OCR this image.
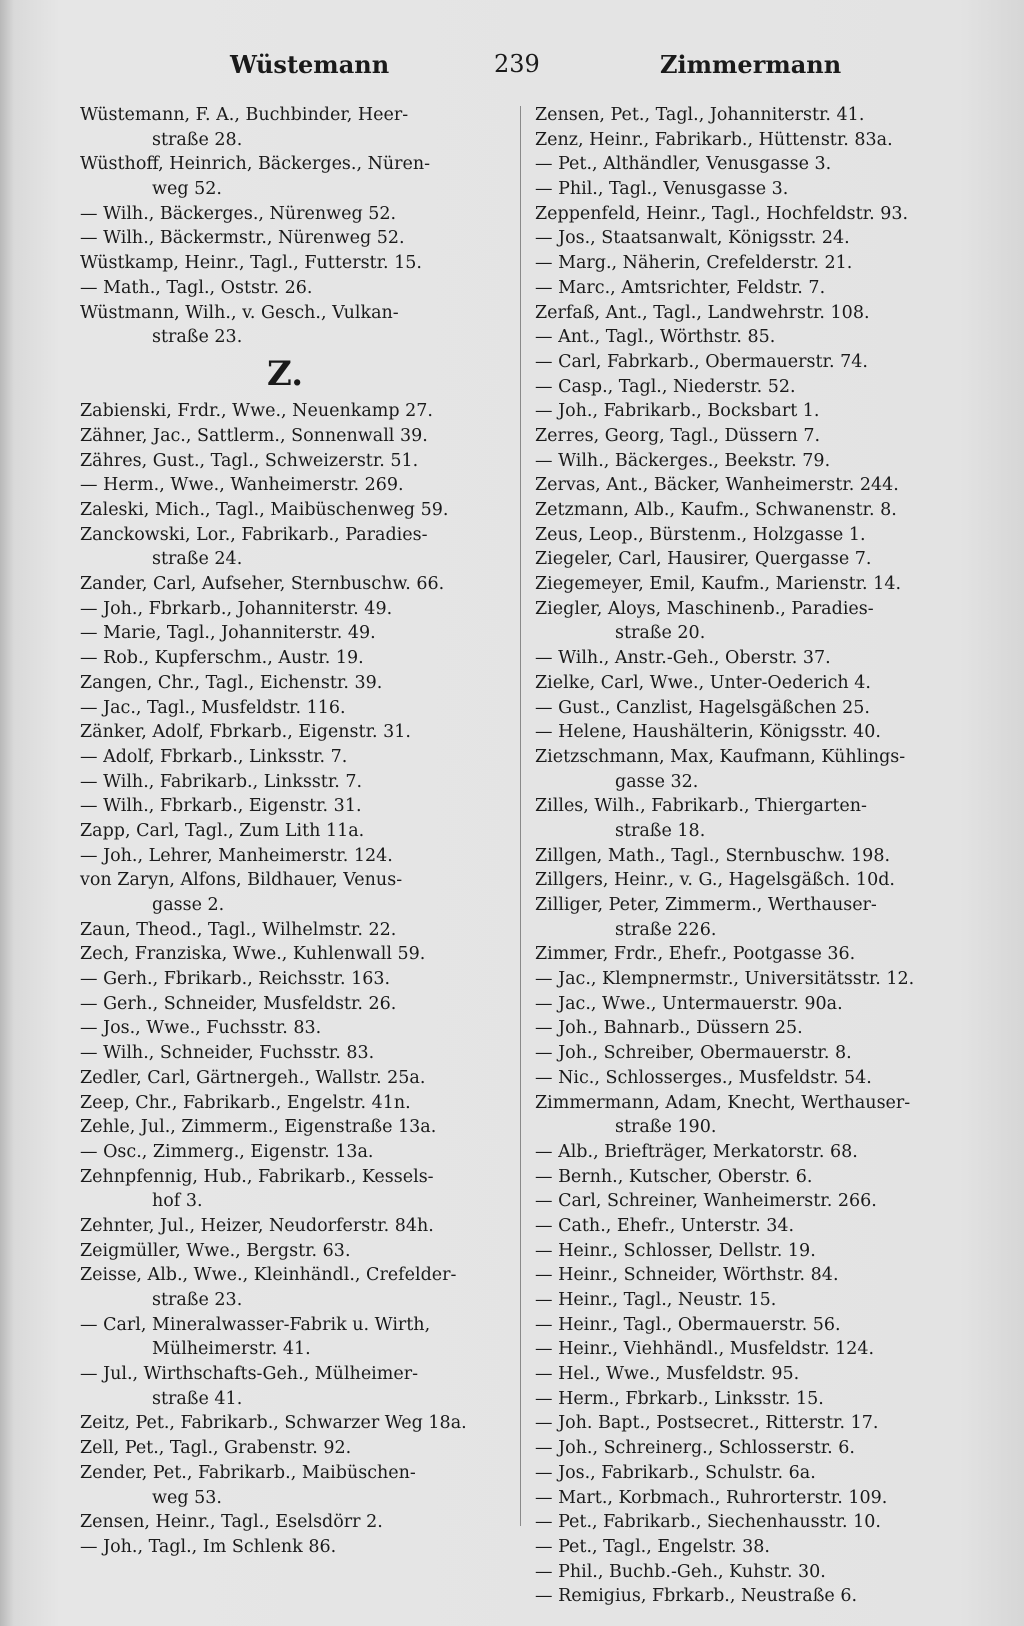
Wüstemann	239	Zimmermann
Wüstemann, F. A., Buchbinder, Heer-
straße 28.
Wüsthoff, Heinrich, Bäckerges., Nüren-
weg 52.
— Wilh., Bäckerges., Nürenweg 52.
— Wilh., Bäckermstr., Nürenweg 52.
Wüstkamp, Heinr., Tagl., Futterstr. 15.
— Math., Tagl., Oststr. 26.
Wüstmann, Wilh., v. Gesch., Vulkan-
straße 23.
Z.
Zabienski, Frdr., Wwe., Neuenkamp 27.
Zähner, Jac., Sattlerm., Sonnenwall 39.
Zähres, Gust., Tagl., Schweizerstr. 51.
— Herm., Wwe., Wanheimerstr. 269.
Zaleski, Mich., Tagl., Maibüschenweg 59.
Zanckowski, Lor., Fabrikarb., Paradies-
straße 24.
Zander, Carl, Aufseher, Sternbuschw. 66.
— Joh., Fbrkarb., Johanniterstr. 49.
— Marie, Tagl., Johanniterstr. 49.
— Rob., Kupferschm., Austr. 19.
Zangen, Chr., Tagl., Eichenstr. 39.
— Jac., Tagl., Musfeldstr. 116.
Zänker, Adolf, Fbrkarb., Eigenstr. 31.
— Adolf, Fbrkarb., Linksstr. 7.
— Wilh., Fabrikarb., Linksstr. 7.
— Wilh., Fbrkarb., Eigenstr. 31.
Zapp, Carl, Tagl., Zum Lith 11a.
— Joh., Lehrer, Manheimerstr. 124.
von Zaryn, Alfons, Bildhauer, Venus-
gasse 2.
Zaun, Theod., Tagl., Wilhelmstr. 22.
Zech, Franziska, Wwe., Kuhlenwall 59.
— Gerh., Fbrikarb., Reichsstr. 163.
— Gerh., Schneider, Musfeldstr. 26.
— Jos., Wwe., Fuchsstr. 83.
— Wilh., Schneider, Fuchsstr. 83.
Zedler, Carl, Gärtnergeh., Wallstr. 25a.
Zeep, Chr., Fabrikarb., Engelstr. 41n.
Zehle, Jul., Zimmerm., Eigenstraße 13a.
— Osc., Zimmerg., Eigenstr. 13a.
Zehnpfennig, Hub., Fabrikarb., Kessels-
hof 3.
Zehnter, Jul., Heizer, Neudorferstr. 84h.
Zeigmüller, Wwe., Bergstr. 63.
Zeisse, Alb., Wwe., Kleinhändl., Crefelder-
straße 23.
— Carl, Mineralwasser-Fabrik u. Wirth,
Mülheimerstr. 41.
— Jul., Wirthschafts-Geh., Mülheimer-
straße 41.
Zeitz, Pet., Fabrikarb., Schwarzer Weg 18a.
Zell, Pet., Tagl., Grabenstr. 92.
Zender, Pet., Fabrikarb., Maibüschen-
weg 53.
Zensen, Heinr., Tagl., Eselsdörr 2.
— Joh., Tagl., Im Schlenk 86.
Zensen, Pet., Tagl., Johanniterstr. 41.
Zenz, Heinr., Fabrikarb., Hüttenstr. 83a.
— Pet., Althändler, Venusgasse 3.
— Phil., Tagl., Venusgasse 3.
Zeppenfeld, Heinr., Tagl., Hochfeldstr. 93.
— Jos., Staatsanwalt, Königsstr. 24.
— Marg., Näherin, Crefelderstr. 21.
— Marc., Amtsrichter, Feldstr. 7.
Zerfaß, Ant., Tagl., Landwehrstr. 108.
— Ant., Tagl., Wörthstr. 85.
— Carl, Fabrkarb., Obermauerstr. 74.
— Casp., Tagl., Niederstr. 52.
— Joh., Fabrikarb., Bocksbart 1.
Zerres, Georg, Tagl., Düssern 7.
— Wilh., Bäckerges., Beekstr. 79.
Zervas, Ant., Bäcker, Wanheimerstr. 244.
Zetzmann, Alb., Kaufm., Schwanenstr. 8.
Zeus, Leop., Bürstenm., Holzgasse 1.
Ziegeler, Carl, Hausirer, Quergasse 7.
Ziegemeyer, Emil, Kaufm., Marienstr. 14.
Ziegler, Aloys, Maschinenb., Paradies-
straße 20.
— Wilh., Anstr.-Geh., Oberstr. 37.
Zielke, Carl, Wwe., Unter-Oederich 4.
— Gust., Canzlist, Hagelsgäßchen 25.
— Helene, Haushälterin, Königsstr. 40.
Zietzschmann, Max, Kaufmann, Kühlings-
gasse 32.
Zilles, Wilh., Fabrikarb., Thiergarten-
straße 18.
Zillgen, Math., Tagl., Sternbuschw. 198.
Zillgers, Heinr., v. G., Hagelsgäßch. 10d.
Zilliger, Peter, Zimmerm., Werthauser-
straße 226.
Zimmer, Frdr., Ehefr., Pootgasse 36.
— Jac., Klempnermstr., Universitätsstr. 12.
— Jac., Wwe., Untermauerstr. 90a.
— Joh., Bahnarb., Düssern 25.
— Joh., Schreiber, Obermauerstr. 8.
— Nic., Schlosserges., Musfeldstr. 54.
Zimmermann, Adam, Knecht, Werthauser-
straße 190.
— Alb., Briefträger, Merkatorstr. 68.
— Bernh., Kutscher, Oberstr. 6.
— Carl, Schreiner, Wanheimerstr. 266.
— Cath., Ehefr., Unterstr. 34.
— Heinr., Schlosser, Dellstr. 19.
— Heinr., Schneider, Wörthstr. 84.
— Heinr., Tagl., Neustr. 15.
— Heinr., Tagl., Obermauerstr. 56.
— Heinr., Viehhändl., Musfeldstr. 124.
— Hel., Wwe., Musfeldstr. 95.
— Herm., Fbrkarb., Linksstr. 15.
— Joh. Bapt., Postsecret., Ritterstr. 17.
— Joh., Schreinerg., Schlosserstr. 6.
— Jos., Fabrikarb., Schulstr. 6a.
— Mart., Korbmach., Ruhrorterstr. 109.
— Pet., Fabrikarb., Siechenhausstr. 10.
— Pet., Tagl., Engelstr. 38.
— Phil., Buchb.-Geh., Kuhstr. 30.
— Remigius, Fbrkarb., Neustraße 6.
